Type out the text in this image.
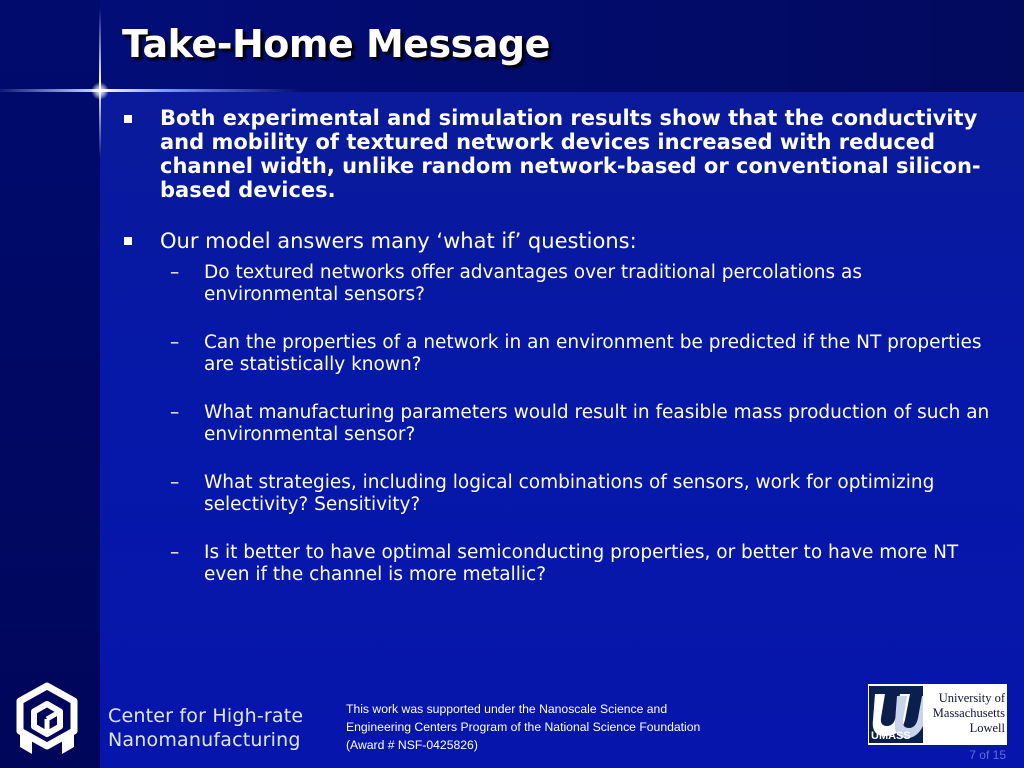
Take-Home Message
Both experimental and simulation results show that the conductivity and mobility of textured network devices increased with reduced channel width, unlike random network-based or conventional silicon-based devices.
Our model answers many ‘what if’ questions:
– Do textured networks offer advantages over traditional percolations as environmental sensors?
– Can the properties of a network in an environment be predicted if the NT properties are statistically known?
– What manufacturing parameters would result in feasible mass production of such an environmental sensor?
– What strategies, including logical combinations of sensors, work for optimizing selectivity? Sensitivity?
– Is it better to have optimal semiconducting properties, or better to have more NT even if the channel is more metallic?
Center for High-rate
Nanomanufacturing
This work was supported under the Nanoscale Science and
Engineering Centers Program of the National Science Foundation
(Award # NSF-0425826)
UMASS
University of
Massachusetts
Lowell
7 of 15
